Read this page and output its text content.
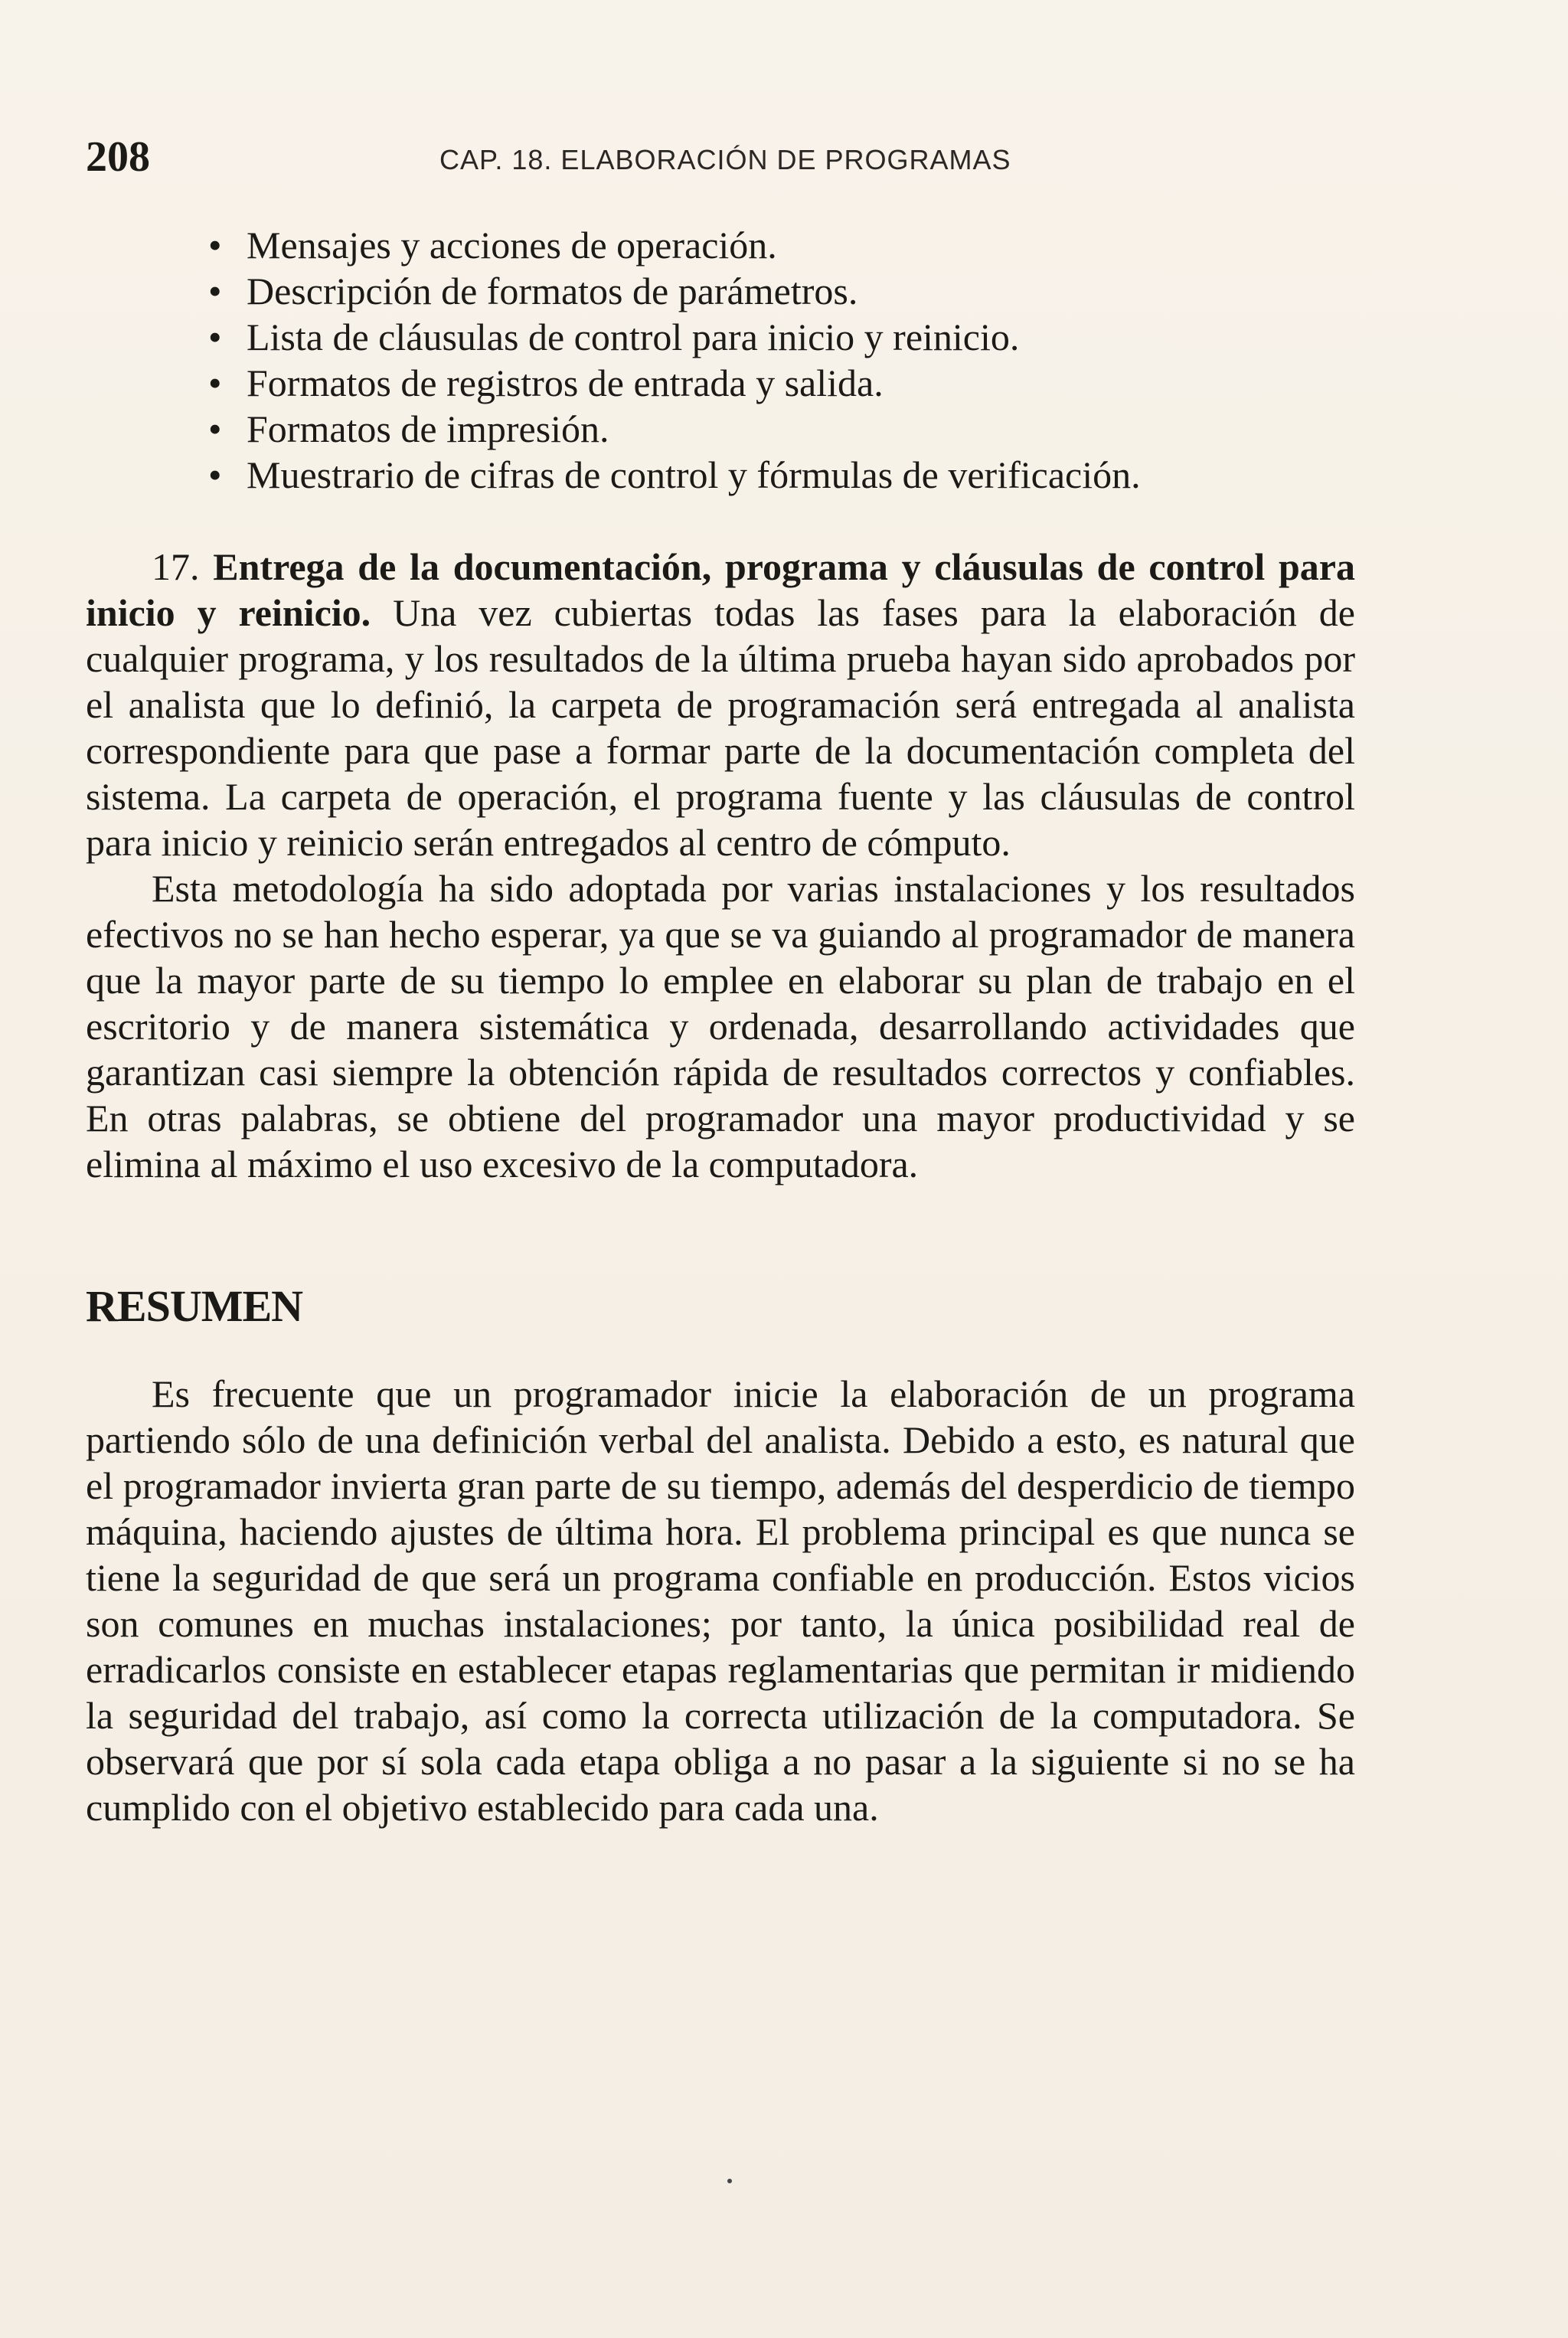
208	CAP. 18. ELABORACIÓN DE PROGRAMAS
• Mensajes y acciones de operación.
• Descripción de formatos de parámetros.
• Lista de cláusulas de control para inicio y reinicio.
• Formatos de registros de entrada y salida.
• Formatos de impresión.
• Muestrario de cifras de control y fórmulas de verificación.

17. Entrega de la documentación, programa y cláusulas de control para inicio y reinicio. Una vez cubiertas todas las fases para la elaboración de cualquier programa, y los resultados de la última prueba hayan sido aprobados por el analista que lo definió, la carpeta de programación será entregada al analista correspondiente para que pase a formar parte de la documentación completa del sistema. La carpeta de operación, el programa fuente y las cláusulas de control para inicio y reinicio serán entregados al centro de cómputo.

Esta metodología ha sido adoptada por varias instalaciones y los resultados efectivos no se han hecho esperar, ya que se va guiando al programador de manera que la mayor parte de su tiempo lo emplee en elaborar su plan de trabajo en el escritorio y de manera sistemática y ordenada, desarrollando actividades que garantizan casi siempre la obtención rápida de resultados correctos y confiables. En otras palabras, se obtiene del programador una mayor productividad y se elimina al máximo el uso excesivo de la computadora.

RESUMEN

Es frecuente que un programador inicie la elaboración de un programa partiendo sólo de una definición verbal del analista. Debido a esto, es natural que el programador invierta gran parte de su tiempo, además del desperdicio de tiempo máquina, haciendo ajustes de última hora. El problema principal es que nunca se tiene la seguridad de que será un programa confiable en producción. Estos vicios son comunes en muchas instalaciones; por tanto, la única posibilidad real de erradicarlos consiste en establecer etapas reglamentarias que permitan ir midiendo la seguridad del trabajo, así como la correcta utilización de la computadora. Se observará que por sí sola cada etapa obliga a no pasar a la siguiente si no se ha cumplido con el objetivo establecido para cada una.
